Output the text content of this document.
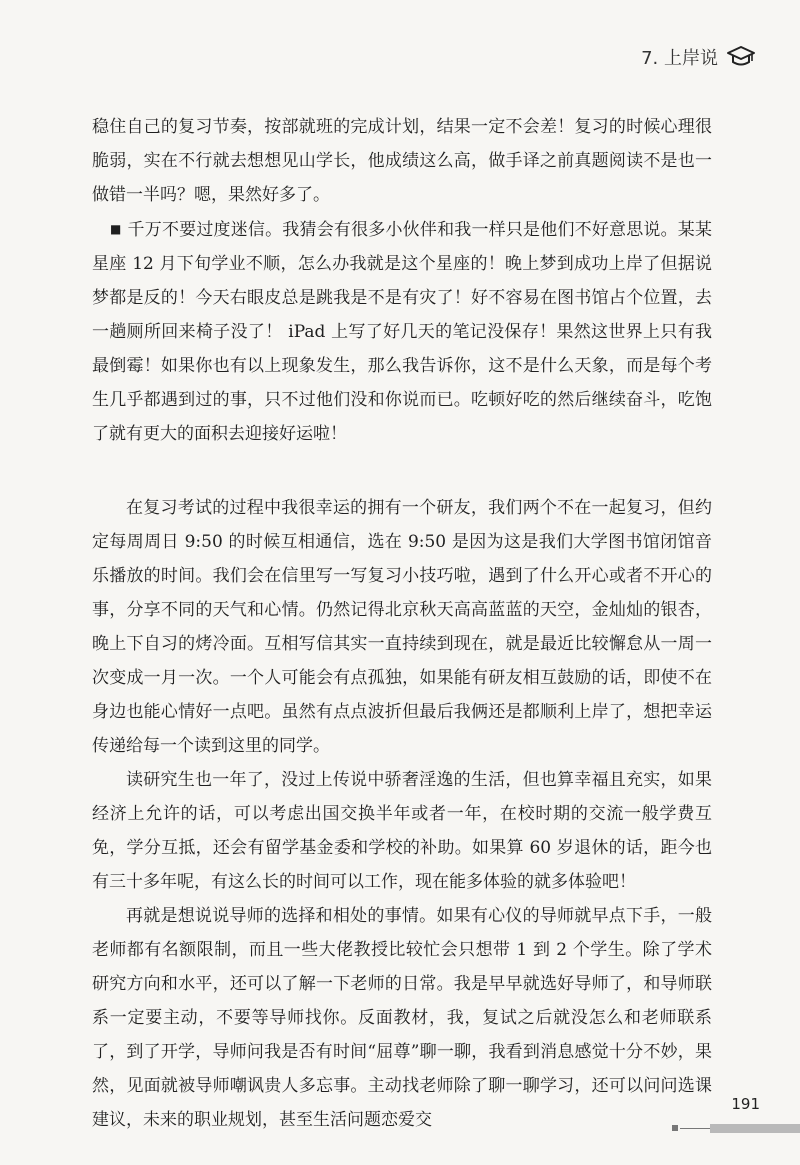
7. 上岸说

稳住自己的复习节奏，按部就班的完成计划，结果一定不会差！复习的时候心理很脆弱，实在不行就去想想见山学长，他成绩这么高，做手译之前真题阅读不是也一做错一半吗？嗯，果然好多了。

■ 千万不要过度迷信。我猜会有很多小伙伴和我一样只是他们不好意思说。某某星座 12 月下旬学业不顺，怎么办我就是这个星座的！晚上梦到成功上岸了但据说梦都是反的！今天右眼皮总是跳我是不是有灾了！好不容易在图书馆占个位置，去一趟厕所回来椅子没了！ iPad 上写了好几天的笔记没保存！果然这世界上只有我最倒霉！如果你也有以上现象发生，那么我告诉你，这不是什么天象，而是每个考生几乎都遇到过的事，只不过他们没和你说而已。吃顿好吃的然后继续奋斗，吃饱了就有更大的面积去迎接好运啦！

在复习考试的过程中我很幸运的拥有一个研友，我们两个不在一起复习，但约定每周周日 9:50 的时候互相通信，选在 9:50 是因为这是我们大学图书馆闭馆音乐播放的时间。我们会在信里写一写复习小技巧啦，遇到了什么开心或者不开心的事，分享不同的天气和心情。仍然记得北京秋天高高蓝蓝的天空，金灿灿的银杏，晚上下自习的烤冷面。互相写信其实一直持续到现在，就是最近比较懈怠从一周一次变成一月一次。一个人可能会有点孤独，如果能有研友相互鼓励的话，即使不在身边也能心情好一点吧。虽然有点点波折但最后我俩还是都顺利上岸了，想把幸运传递给每一个读到这里的同学。

读研究生也一年了，没过上传说中骄奢淫逸的生活，但也算幸福且充实，如果经济上允许的话，可以考虑出国交换半年或者一年，在校时期的交流一般学费互免，学分互抵，还会有留学基金委和学校的补助。如果算 60 岁退休的话，距今也有三十多年呢，有这么长的时间可以工作，现在能多体验的就多体验吧！

再就是想说说导师的选择和相处的事情。如果有心仪的导师就早点下手，一般老师都有名额限制，而且一些大佬教授比较忙会只想带 1 到 2 个学生。除了学术研究方向和水平，还可以了解一下老师的日常。我是早早就选好导师了，和导师联系一定要主动，不要等导师找你。反面教材，我，复试之后就没怎么和老师联系了，到了开学，导师问我是否有时间“屈尊”聊一聊，我看到消息感觉十分不妙，果然，见面就被导师嘲讽贵人多忘事。主动找老师除了聊一聊学习，还可以问问选课建议，未来的职业规划，甚至生活问题恋爱交

191
